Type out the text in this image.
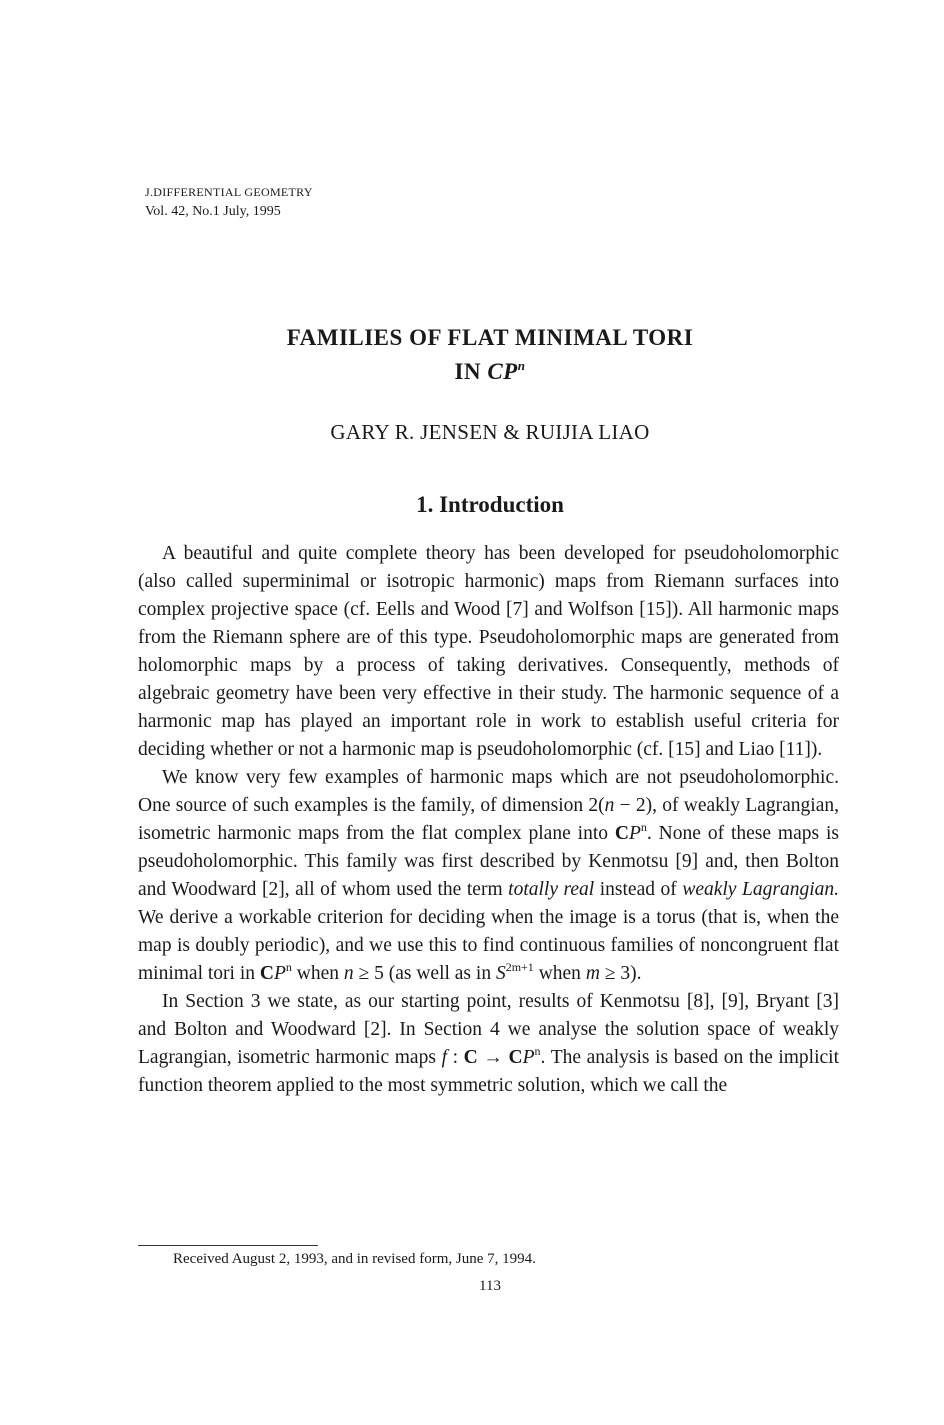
J.DIFFERENTIAL GEOMETRY
Vol. 42, No.1 July, 1995
FAMILIES OF FLAT MINIMAL TORI
IN $CP^n$
GARY R. JENSEN & RUIJIA LIAO
1. Introduction

A beautiful and quite complete theory has been developed for pseudoholomorphic (also called superminimal or isotropic harmonic) maps from Riemann surfaces into complex projective space (cf. Eells and Wood [7] and Wolfson [15]). All harmonic maps from the Riemann sphere are of this type. Pseudoholomorphic maps are generated from holomorphic maps by a process of taking derivatives. Consequently, methods of algebraic geometry have been very effective in their study. The harmonic sequence of a harmonic map has played an important role in work to establish useful criteria for deciding whether or not a harmonic map is pseudoholomorphic (cf. [15] and Liao [11]).

We know very few examples of harmonic maps which are not pseudoholomorphic. One source of such examples is the family, of dimension 2(n − 2), of weakly Lagrangian, isometric harmonic maps from the flat complex plane into $CP^n$. None of these maps is pseudoholomorphic. This family was first described by Kenmotsu [9] and, then Bolton and Woodward [2], all of whom used the term totally real instead of weakly Lagrangian. We derive a workable criterion for deciding when the image is a torus (that is, when the map is doubly periodic), and we use this to find continuous families of noncongruent flat minimal tori in $CP^n$ when n ≥ 5 (as well as in $S^{2m+1}$ when m ≥ 3).

In Section 3 we state, as our starting point, results of Kenmotsu [8], [9], Bryant [3] and Bolton and Woodward [2]. In Section 4 we analyse the solution space of weakly Lagrangian, isometric harmonic maps f : $C \to CP^n$. The analysis is based on the implicit function theorem applied to the most symmetric solution, which we call the

Received August 2, 1993, and in revised form, June 7, 1994.
113
